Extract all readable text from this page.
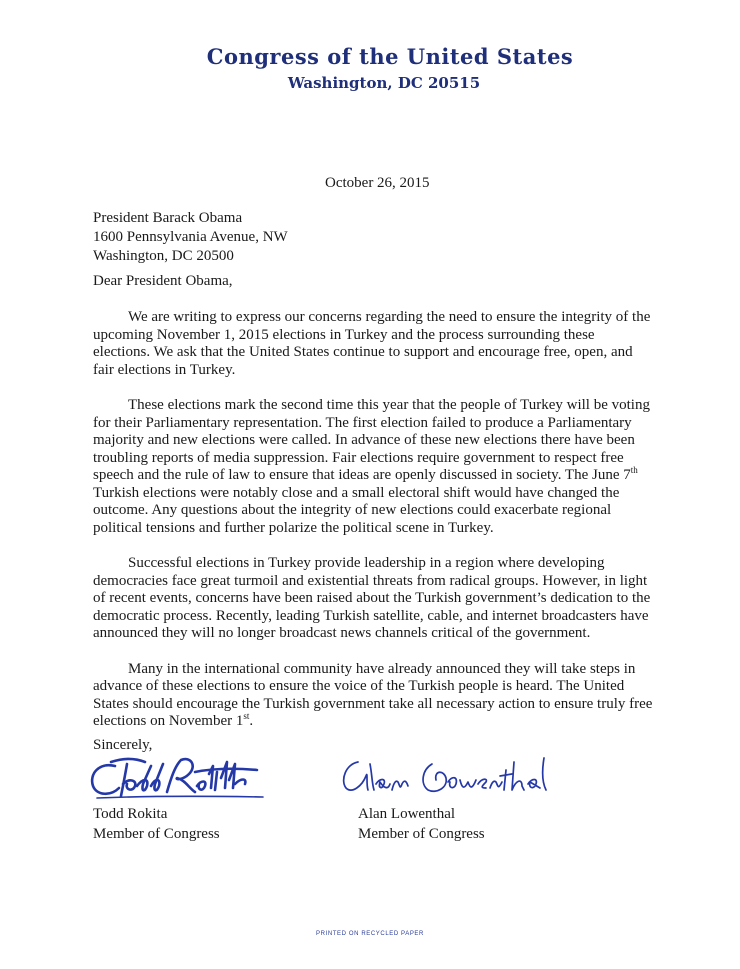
Congress of the United States
Washington, DC 20515
October 26, 2015
President Barack Obama
1600 Pennsylvania Avenue, NW
Washington, DC 20500
Dear President Obama,

We are writing to express our concerns regarding the need to ensure the integrity of the upcoming November 1, 2015 elections in Turkey and the process surrounding these elections. We ask that the United States continue to support and encourage free, open, and fair elections in Turkey.

These elections mark the second time this year that the people of Turkey will be voting for their Parliamentary representation. The first election failed to produce a Parliamentary majority and new elections were called. In advance of these new elections there have been troubling reports of media suppression. Fair elections require government to respect free speech and the rule of law to ensure that ideas are openly discussed in society. The June 7th Turkish elections were notably close and a small electoral shift would have changed the outcome. Any questions about the integrity of new elections could exacerbate regional political tensions and further polarize the political scene in Turkey.

Successful elections in Turkey provide leadership in a region where developing democracies face great turmoil and existential threats from radical groups. However, in light of recent events, concerns have been raised about the Turkish government’s dedication to the democratic process. Recently, leading Turkish satellite, cable, and internet broadcasters have announced they will no longer broadcast news channels critical of the government.

Many in the international community have already announced they will take steps in advance of these elections to ensure the voice of the Turkish people is heard. The United States should encourage the Turkish government take all necessary action to ensure truly free elections on November 1st.

Sincerely,
Todd Rokita
Member of Congress
Alan Lowenthal
Member of Congress
PRINTED ON RECYCLED PAPER
